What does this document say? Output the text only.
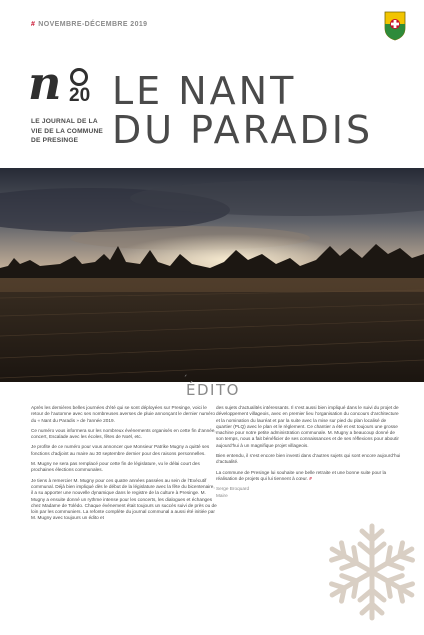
# NOVEMBRE-DÉCEMBRE 2019
n 20
LE JOURNAL DE LA
VIE DE LA COMMUNE
DE PRESINGE
LE NANT
DU PARADIS
´
ÉDITO

Après les dernières belles journées d’été qui se sont déployées sur Presinge, voici le retour de l’automne avec ses nombreuses averses de pluie annonçant le dernier numéro du « Nant du Paradis » de l’année 2019.

Ce numéro vous informera sur les nombreux événements organisés en cette fin d’année, concert, Escalade avec les écoles, fêtes de Noël, etc.

Je profite de ce numéro pour vous annoncer que Monsieur Patrike Mugny a quitté ses fonctions d’adjoint au maire au 30 septembre dernier pour des raisons personnelles.

M. Mugny ne sera pas remplacé pour cette fin de législature, vu le délai court des prochaines élections communales.

Je tiens à remercier M. Mugny pour ces quatre années passées au sein de l’Exécutif communal. Déjà bien impliqué dès le début de la législature avec la fête du bicentenaire, il a su apporter une nouvelle dynamique dans le registre de la culture à Presinge. M. Mugny a ensuite donné un rythme intense pour les concerts, les dialogues et échanges chez Madame de Tolédo. Chaque événement était toujours un succès suivi de près ou de loin par les communiers. La refonte complète du journal communal a aussi été initiée par M. Mugny avec toujours un édito et

des sujets d’actualités intéressants. Il s’est aussi bien impliqué dans le suivi du projet de développement villageois, avec en premier lieu l’organisation du concours d’architecture et la nomination du lauréat et par la suite avec la mise sur pied du plan localisé de quartier (PLQ) avec le plan et le règlement. Ce chantier a été et est toujours une grosse machine pour notre petite administration communale. M. Mugny a beaucoup donné de son temps, nous a fait bénéficier de ses connaissances et de ses réflexions pour aboutir aujourd’hui à un magnifique projet villageois.

Bien entendu, il s’est encore bien investi dans d’autres sujets qui sont encore aujourd’hui d’actualité.

La commune de Presinge lui souhaite une belle retraite et une bonne suite pour la réalisation de projets qui lui tiennent à cœur. #

Serge Broquard

Maire
